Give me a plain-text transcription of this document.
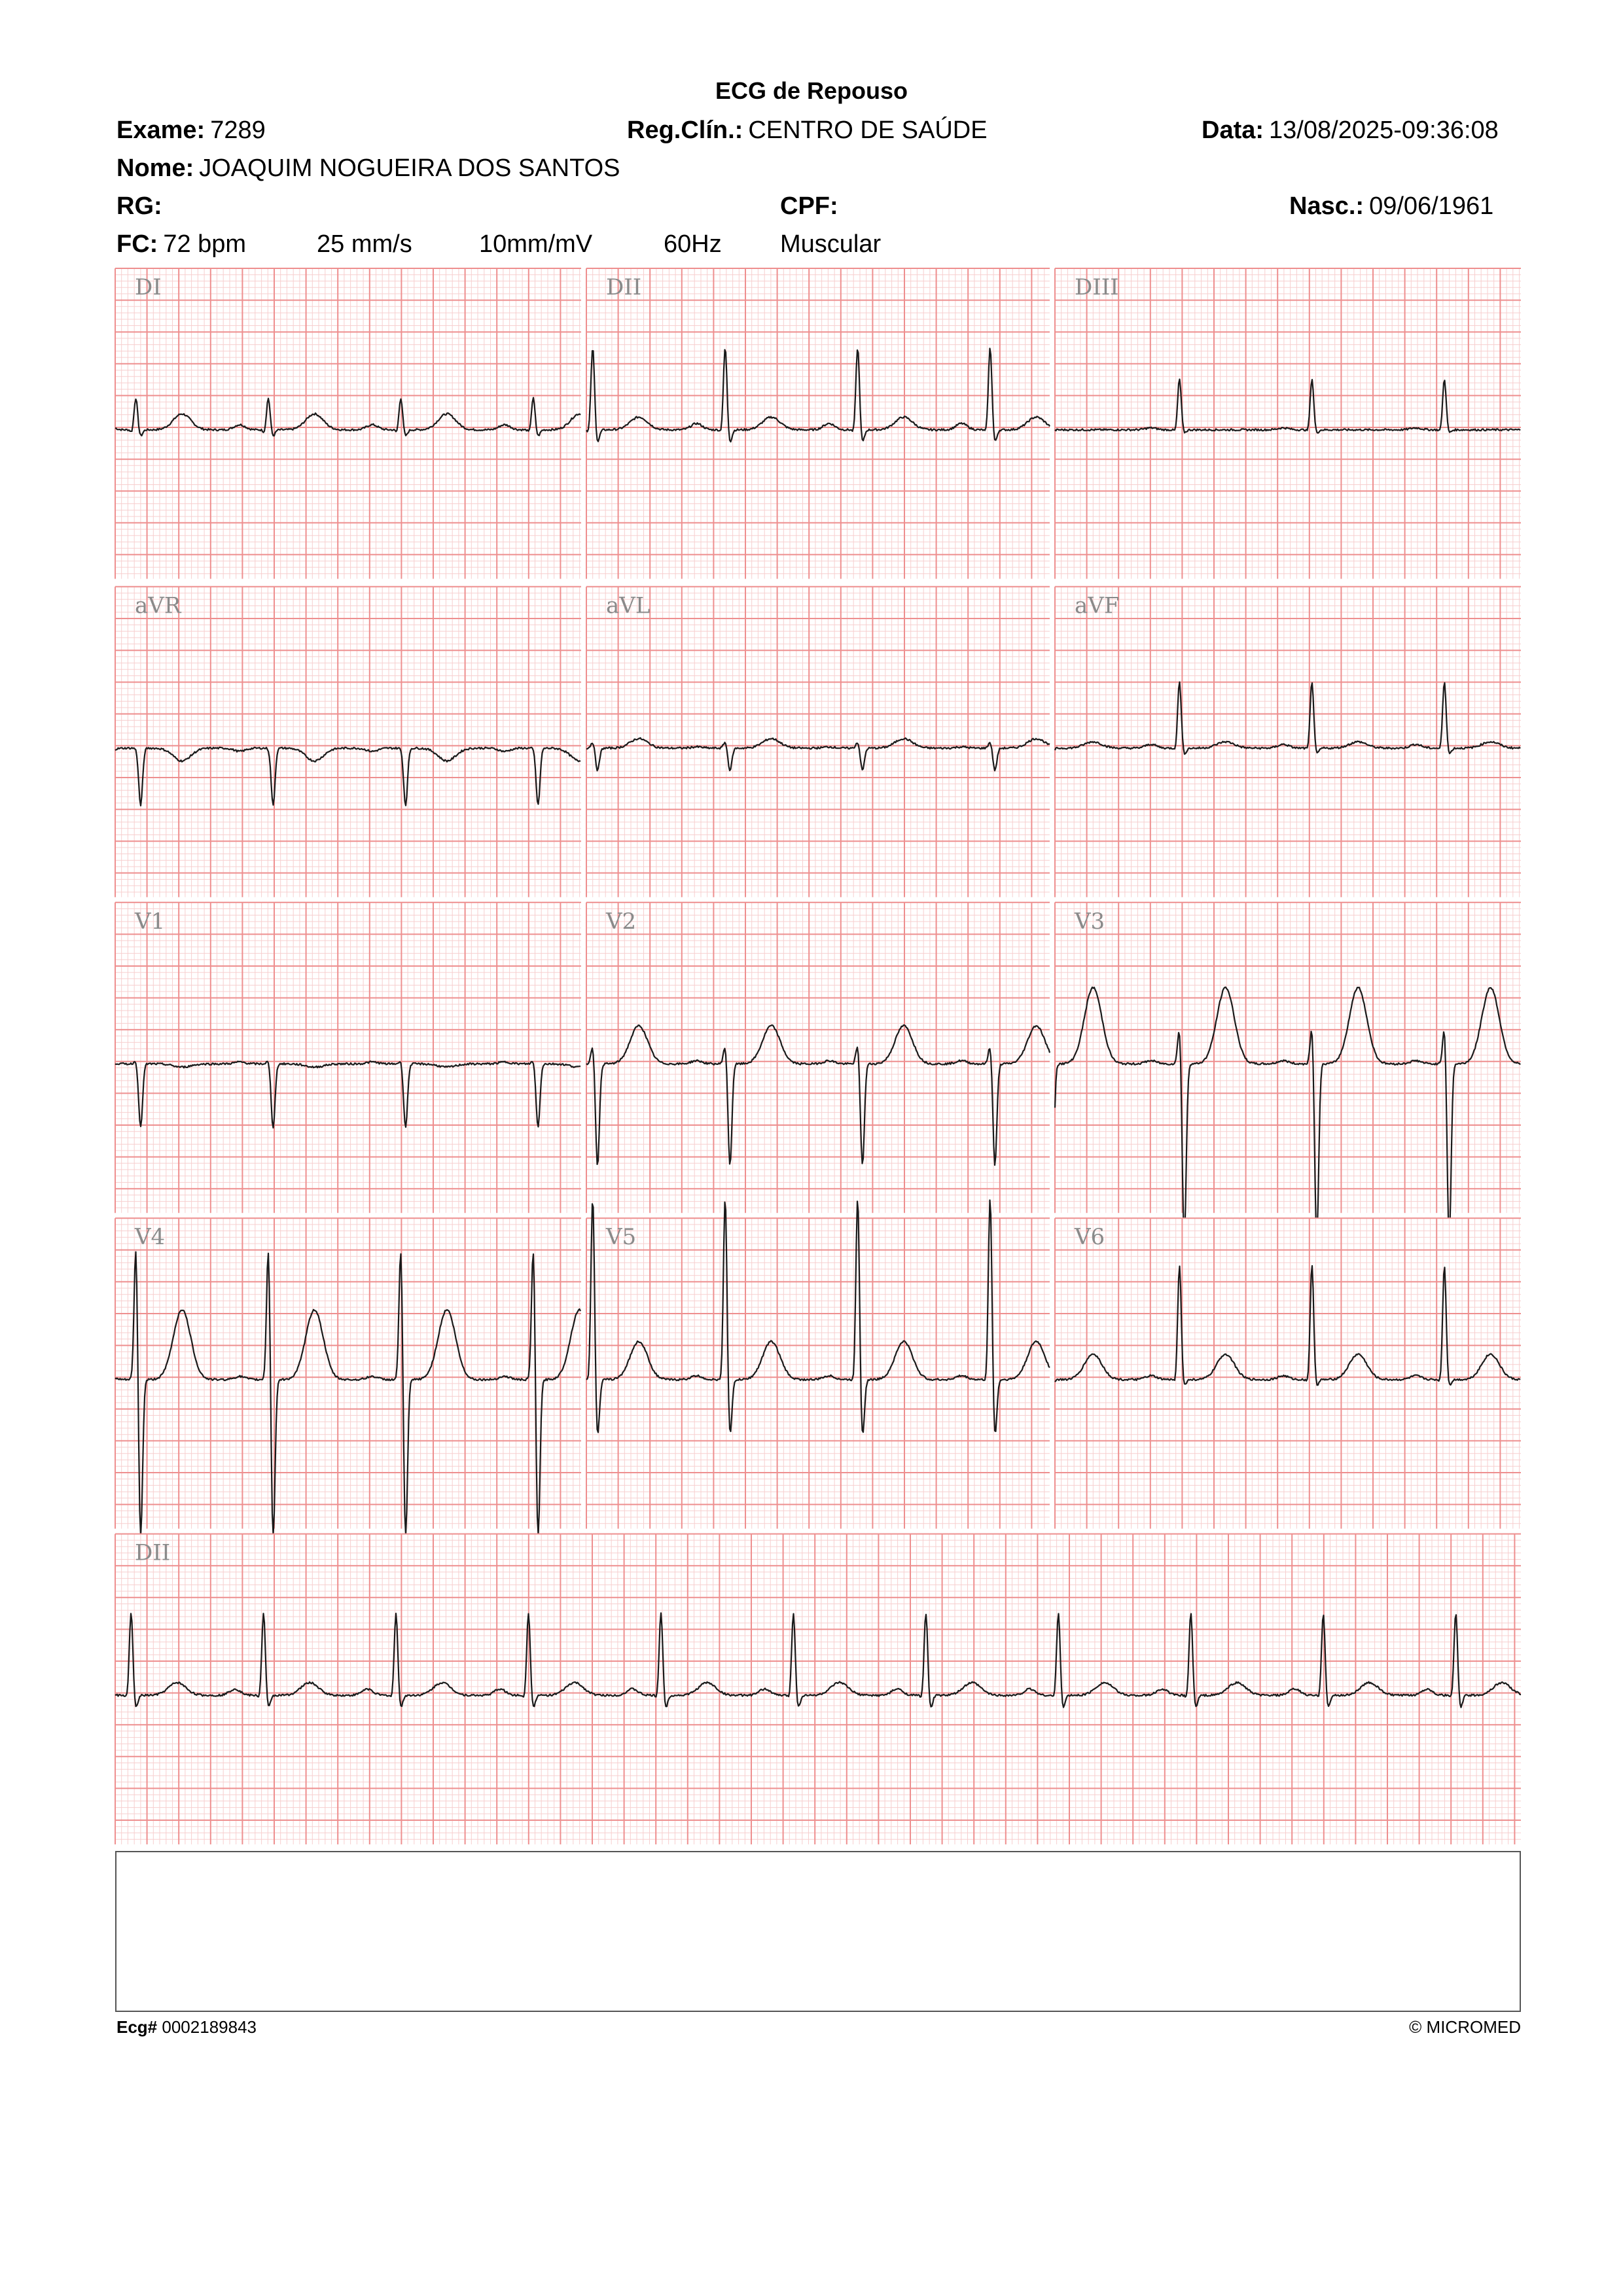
ECG de Repouso
Exame: 7289	Reg.Clín.: CENTRO DE SAÚDE	Data: 13/08/2025-09:36:08
Nome: JOAQUIM NOGUEIRA DOS SANTOS
RG:	CPF:	Nasc.: 09/06/1961
FC: 72 bpm	25 mm/s	10mm/mV	60Hz Muscular
DI	DII	DIII
aVR	aVL	aVF
V1	V2	V3
V4	V5	V6
DII
Ecg# 0002189843	© MICROMED
